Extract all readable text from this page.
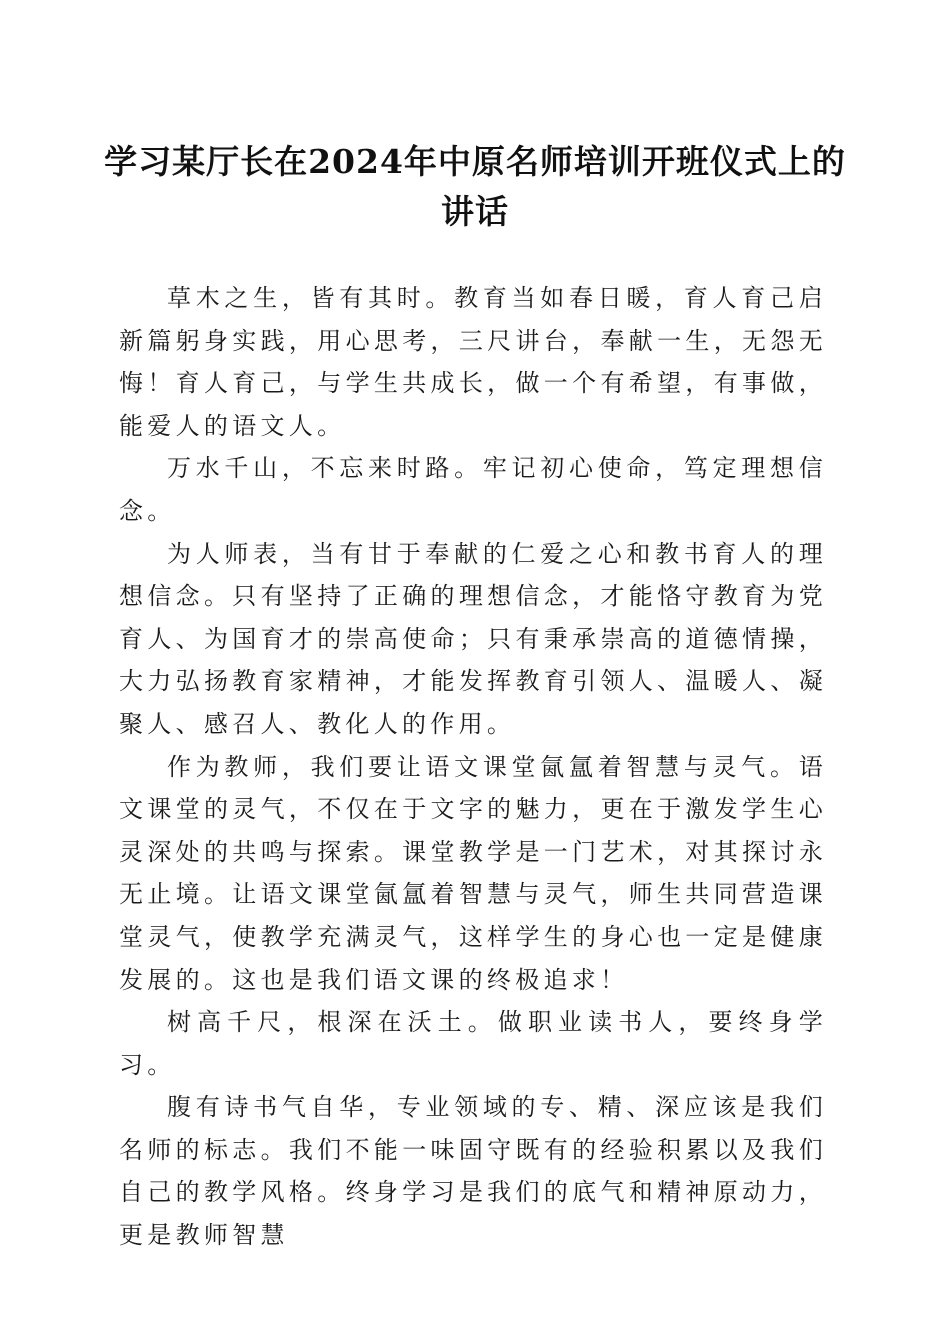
学习某厅长在2024年中原名师培训开班仪式上的讲话

草木之生，皆有其时。教育当如春日暖，育人育己启新篇躬身实践，用心思考，三尺讲台，奉献一生，无怨无悔！育人育己，与学生共成长，做一个有希望，有事做，能爱人的语文人。

万水千山，不忘来时路。牢记初心使命，笃定理想信念。

为人师表，当有甘于奉献的仁爱之心和教书育人的理想信念。只有坚持了正确的理想信念，才能恪守教育为党育人、为国育才的崇高使命；只有秉承崇高的道德情操，大力弘扬教育家精神，才能发挥教育引领人、温暖人、凝聚人、感召人、教化人的作用。

作为教师，我们要让语文课堂氤氲着智慧与灵气。语文课堂的灵气，不仅在于文字的魅力，更在于激发学生心灵深处的共鸣与探索。课堂教学是一门艺术，对其探讨永无止境。让语文课堂氤氲着智慧与灵气，师生共同营造课堂灵气，使教学充满灵气，这样学生的身心也一定是健康发展的。这也是我们语文课的终极追求！

树高千尺，根深在沃土。做职业读书人，要终身学习。

腹有诗书气自华，专业领域的专、精、深应该是我们名师的标志。我们不能一味固守既有的经验积累以及我们自己的教学风格。终身学习是我们的底气和精神原动力，更是教师智慧
